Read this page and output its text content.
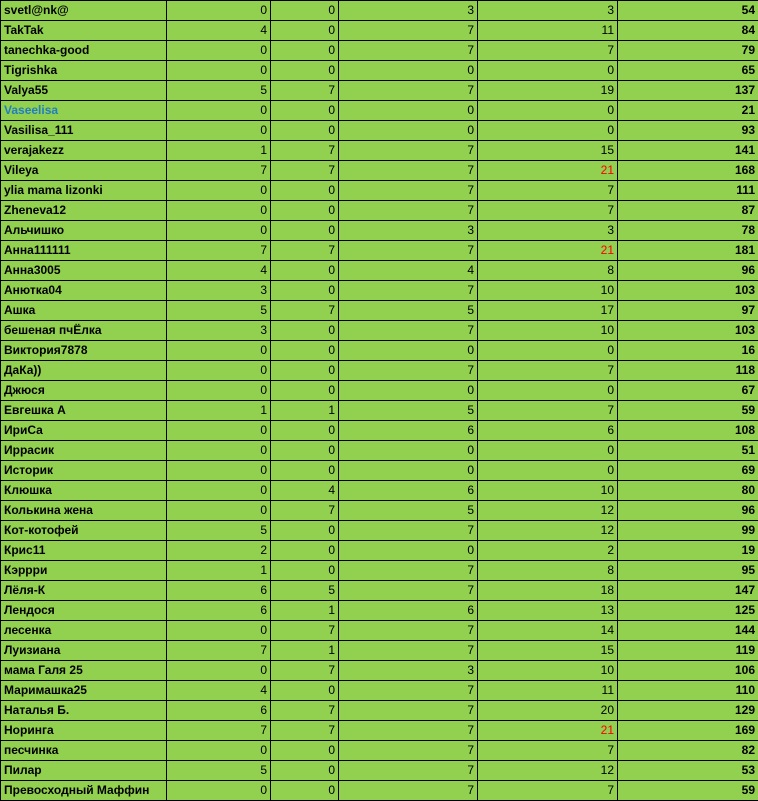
svetl@nk@	0	0	3	3	54
TakTak	4	0	7	11	84
tanechka-good	0	0	7	7	79
Tigrishka	0	0	0	0	65
Valya55	5	7	7	19	137
Vaseelisa	0	0	0	0	21
Vasilisa_111	0	0	0	0	93
verajakezz	1	7	7	15	141
Vileya	7	7	7	21	168
ylia mama lizonki	0	0	7	7	111
Zheneva12	0	0	7	7	87
Альчишко	0	0	3	3	78
Анна111111	7	7	7	21	181
Анна3005	4	0	4	8	96
Анютка04	3	0	7	10	103
Ашка	5	7	5	17	97
бешеная пчЁлка	3	0	7	10	103
Виктория7878	0	0	0	0	16
ДаКа))	0	0	7	7	118
Джюся	0	0	0	0	67
Евгешка А	1	1	5	7	59
ИриСа	0	0	6	6	108
Иррасик	0	0	0	0	51
Историк	0	0	0	0	69
Клюшка	0	4	6	10	80
Колькина жена	0	7	5	12	96
Кот-котофей	5	0	7	12	99
Крис11	2	0	0	2	19
Кэррри	1	0	7	8	95
Лёля-К	6	5	7	18	147
Лендося	6	1	6	13	125
лесенка	0	7	7	14	144
Луизиана	7	1	7	15	119
мама Галя 25	0	7	3	10	106
Маримашка25	4	0	7	11	110
Наталья Б.	6	7	7	20	129
Норинга	7	7	7	21	169
песчинка	0	0	7	7	82
Пилар	5	0	7	12	53
Превосходный Маффин	0	0	7	7	59
